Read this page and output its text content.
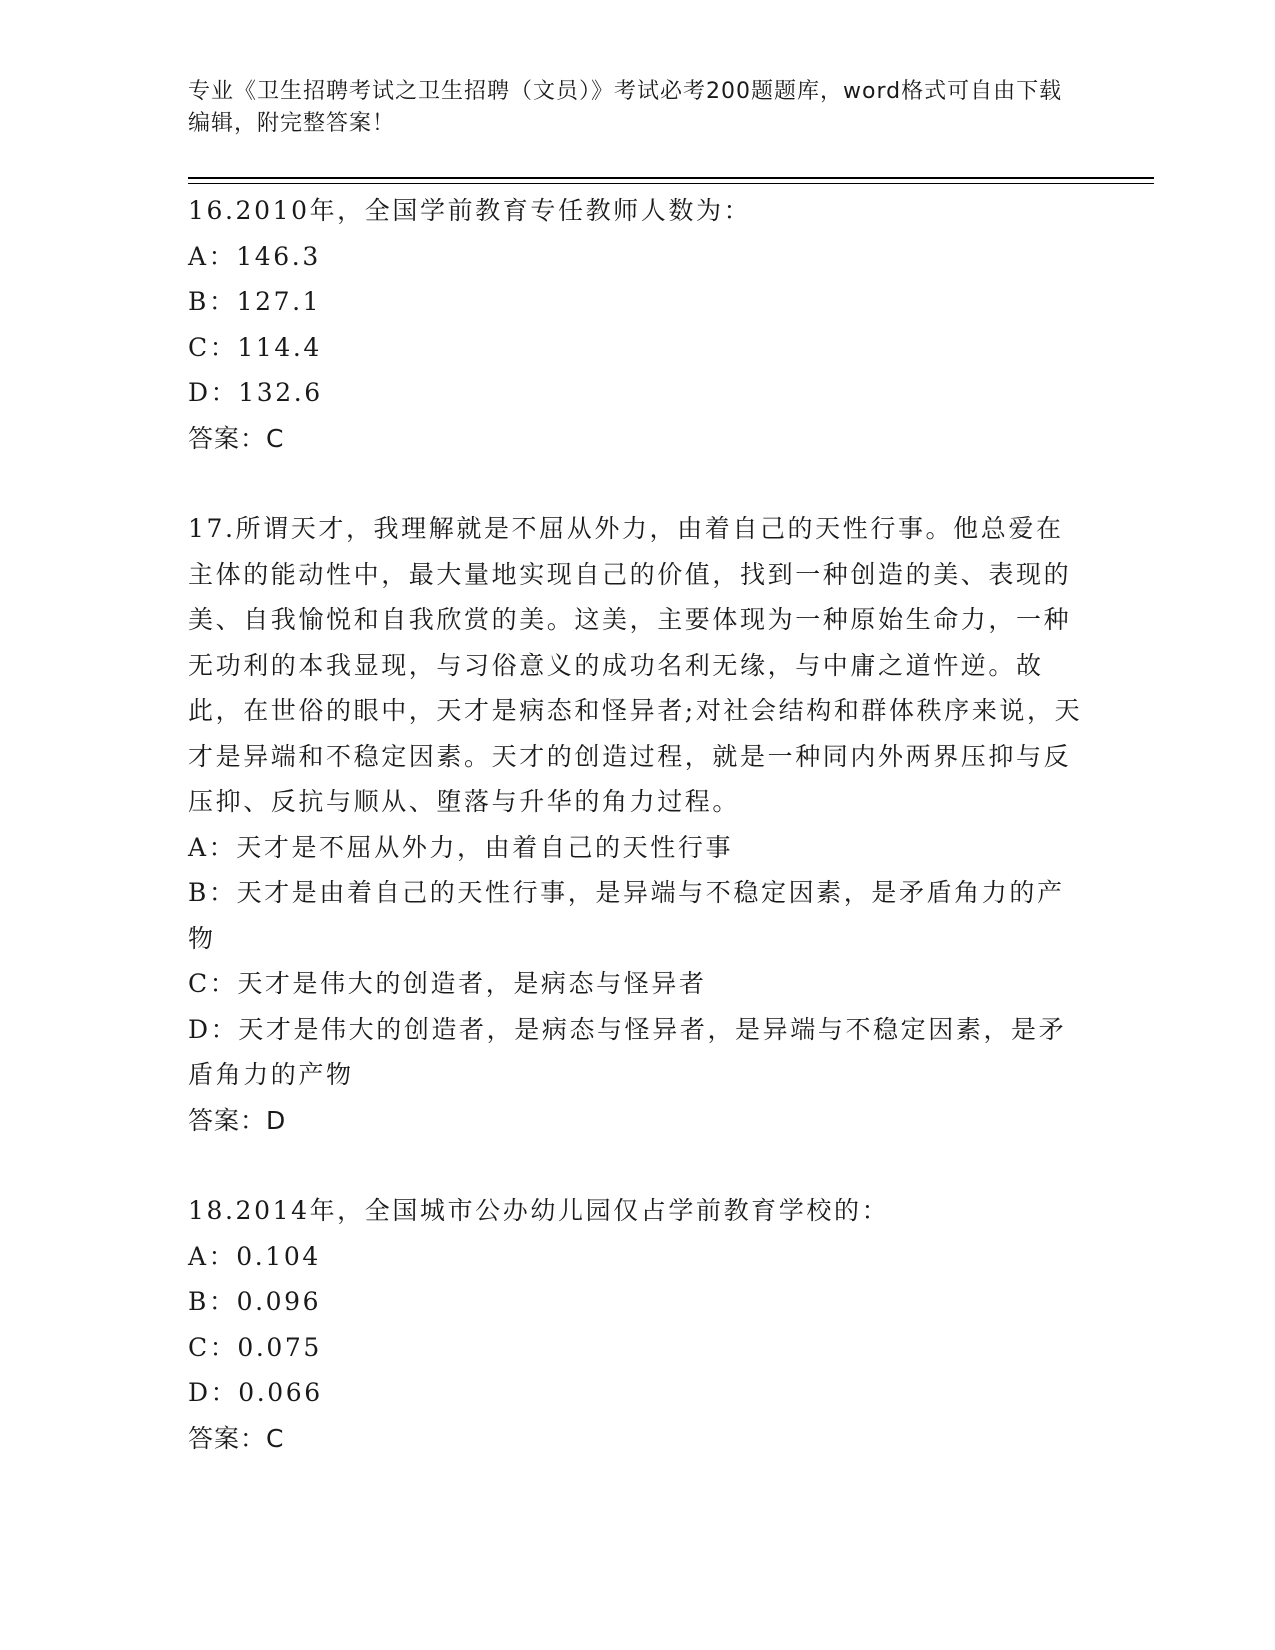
专业《卫生招聘考试之卫生招聘（文员）》考试必考200题题库，word格式可自由下载编辑，附完整答案！
16.2010年，全国学前教育专任教师人数为：
A：146.3
B：127.1
C：114.4
D：132.6
答案：C
17.所谓天才，我理解就是不屈从外力，由着自己的天性行事。他总爱在主体的能动性中，最大量地实现自己的价值，找到一种创造的美、表现的美、自我愉悦和自我欣赏的美。这美，主要体现为一种原始生命力，一种无功利的本我显现，与习俗意义的成功名利无缘，与中庸之道忤逆。故此，在世俗的眼中，天才是病态和怪异者;对社会结构和群体秩序来说，天才是异端和不稳定因素。天才的创造过程，就是一种同内外两界压抑与反压抑、反抗与顺从、堕落与升华的角力过程。
A：天才是不屈从外力，由着自己的天性行事
B：天才是由着自己的天性行事，是异端与不稳定因素，是矛盾角力的产物
C：天才是伟大的创造者，是病态与怪异者
D：天才是伟大的创造者，是病态与怪异者，是异端与不稳定因素，是矛盾角力的产物
答案：D
18.2014年，全国城市公办幼儿园仅占学前教育学校的：
A：0.104
B：0.096
C：0.075
D：0.066
答案：C
